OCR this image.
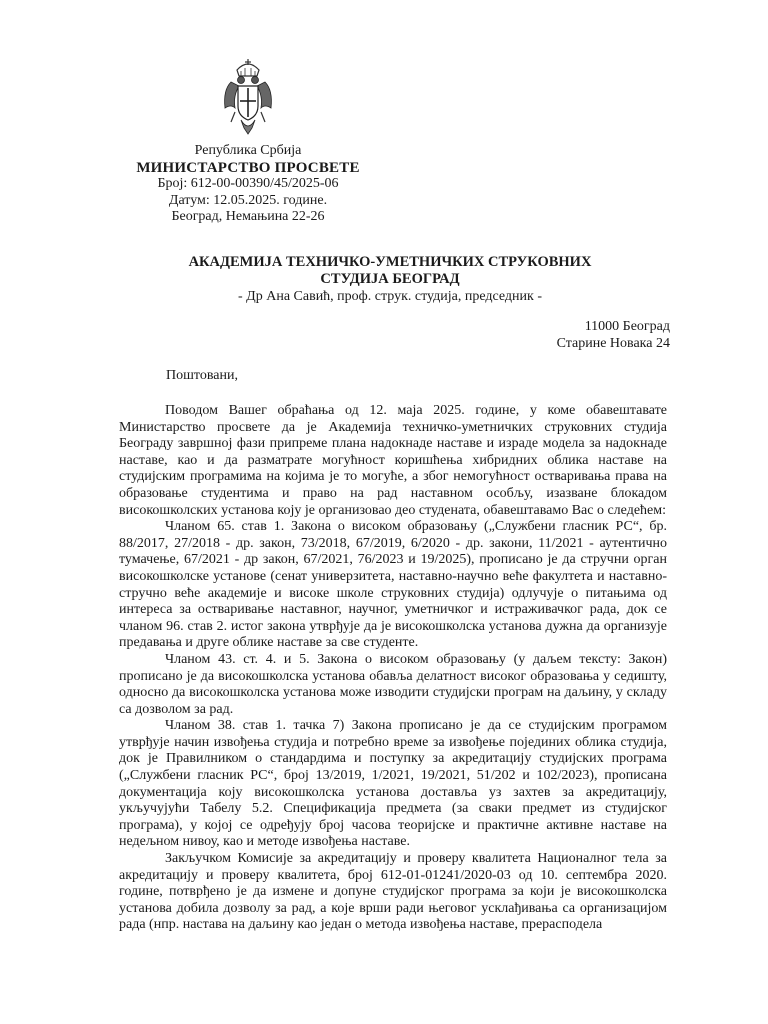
Република Србија
МИНИСТАРСТВО ПРОСВЕТЕ
Број: 612-00-00390/45/2025-06
Датум: 12.05.2025. године.
Београд, Немањина 22-26
АКАДЕМИЈА ТЕХНИЧКО-УМЕТНИЧКИХ СТРУКОВНИХ
СТУДИЈА БЕОГРАД
- Др Ана Савић, проф. струк. студија, председник -
11000 Београд
Старине Новака 24
Поштовани,

Поводом Вашег обраћања од 12. маја 2025. године, у коме обавештавате Министарство просвете да је Академија техничко-уметничких струковних студија Београду завршној фази припреме плана надокнаде наставе и израде модела за надокнаде наставе, као и да разматрате могућност коришћења хибридних облика наставе на студијским програмима на којима је то могуће, а због немогућност остваривања права на образовање студентима и право на рад наставном особљу, изазване блокадом високошколских установа коју је организовао део студената, обавештавамо Вас о следећем:

Чланом 65. став 1. Закона о високом образовању („Службени гласник РС“, бр. 88/2017, 27/2018 - др. закон, 73/2018, 67/2019, 6/2020 - др. закони, 11/2021 - аутентично тумачење, 67/2021 - др закон, 67/2021, 76/2023 и 19/2025), прописано је да стручни орган високошколске установе (сенат универзитета, наставно-научно веће факултета и наставно-стручно веће академије и високе школе струковних студија) одлучује о питањима од интереса за остваривање наставног, научног, уметничког и истраживачког рада, док се чланом 96. став 2. истог закона утврђује да је високошколска установа дужна да организује предавања и друге облике наставе за све студенте.

Чланом 43. ст. 4. и 5. Закона о високом образовању (у даљем тексту: Закон) прописано је да високошколска установа обавља делатност високог образовања у седишту, односно да високошколска установа може изводити студијски програм на даљину, у складу са дозволом за рад.

Чланом 38. став 1. тачка 7) Закона прописано је да се студијским програмом утврђује начин извођења студија и потребно време за извођење појединих облика студија, док је Правилником о стандардима и поступку за акредитацију студијских програма („Службени гласник РС“, број 13/2019, 1/2021, 19/2021, 51/202 и 102/2023), прописана документација коју високошколска установа доставља уз захтев за акредитацију, укључујући Табелу 5.2. Спецификација предмета (за сваки предмет из студијског програма), у којој се одређују број часова теоријске и практичне активне наставе на недељном нивоу, као и методе извођења наставе.

Закључком Комисије за акредитацију и проверу квалитета Националног тела за акредитацију и проверу квалитета, број 612-01-01241/2020-03 од 10. септембра 2020. године, потврђено је да измене и допуне студијског програма за који је високошколска установа добила дозволу за рад, а које врши ради његовог усклађивања са организацијом рада (нпр. настава на даљину као један о метода извођења наставе, прерасподела
